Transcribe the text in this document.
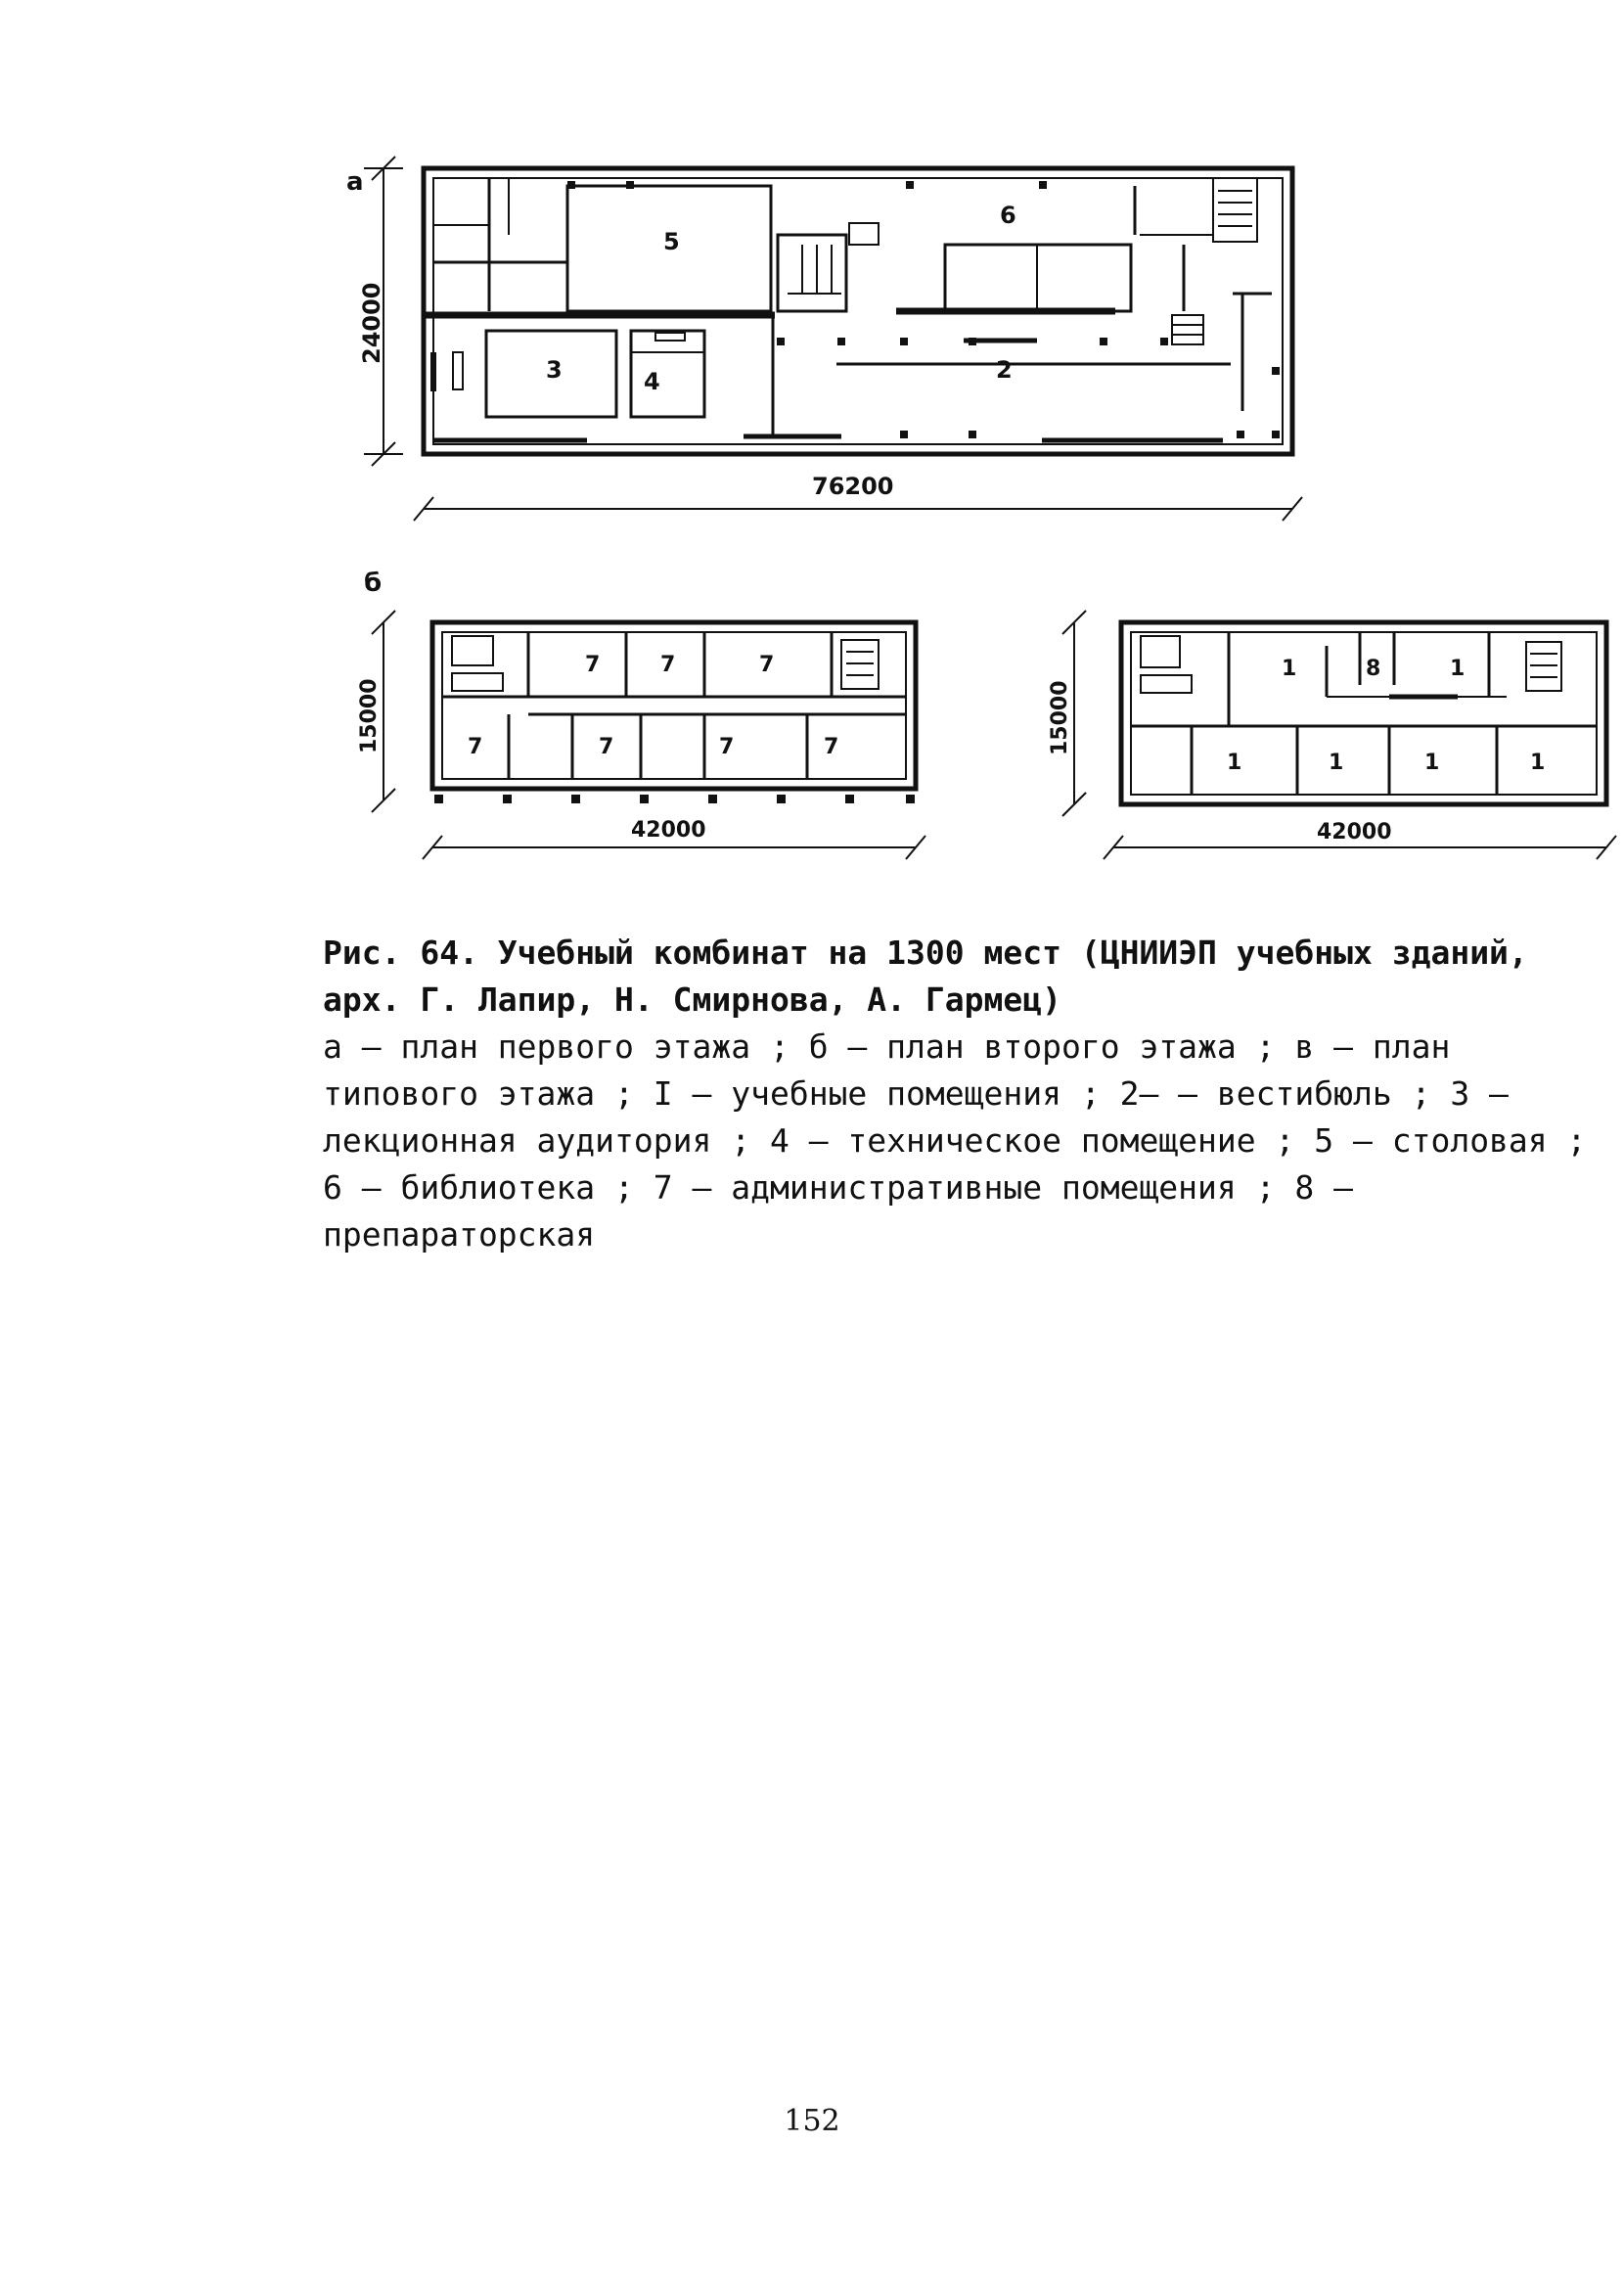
а
5
6
3	4	2
24000
76200
б
7	7	7
7	7	7	7
15000
42000
1	8	1
1	1	1	1
15000
42000
Рис. 64. Учебный комбинат на 1300 мест (ЦНИИЭП учебных зданий, арх. Г. Лапир, Н. Смирнова, А. Гармец)
а – план первого этажа ; б – план второго этажа ; в – план типового этажа ; I – учебные помещения ; 2– – вестибюль ; 3 – лекционная аудитория ; 4 – техническое помещение ; 5 – столовая ; 6 – библиотека ; 7 – административные помещения ; 8 – препараторская
152
